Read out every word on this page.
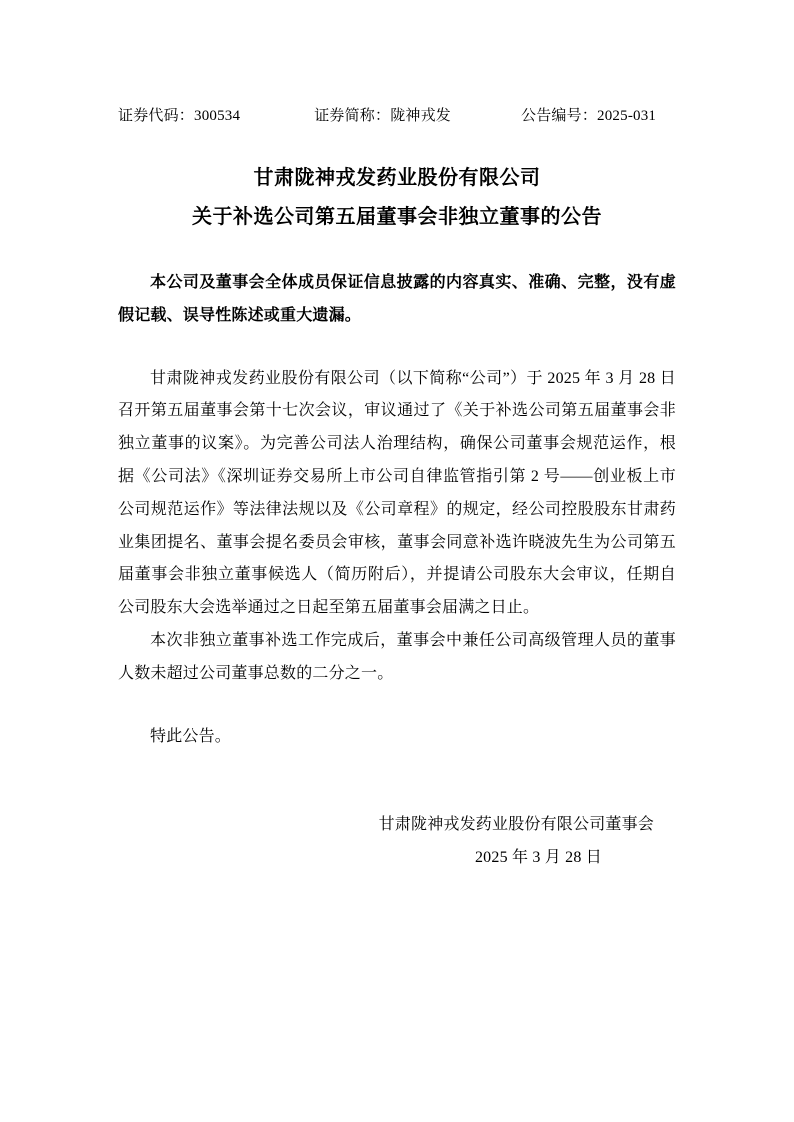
证券代码：300534	证券简称：陇神戎发	公告编号：2025-031
甘肃陇神戎发药业股份有限公司
关于补选公司第五届董事会非独立董事的公告

本公司及董事会全体成员保证信息披露的内容真实、准确、完整，没有虚假记载、误导性陈述或重大遗漏。

甘肃陇神戎发药业股份有限公司（以下简称“公司”）于 2025 年 3 月 28 日召开第五届董事会第十七次会议，审议通过了《关于补选公司第五届董事会非独立董事的议案》。为完善公司法人治理结构，确保公司董事会规范运作，根据《公司法》《深圳证券交易所上市公司自律监管指引第 2 号——创业板上市公司规范运作》等法律法规以及《公司章程》的规定，经公司控股股东甘肃药业集团提名、董事会提名委员会审核，董事会同意补选许晓波先生为公司第五届董事会非独立董事候选人（简历附后），并提请公司股东大会审议，任期自公司股东大会选举通过之日起至第五届董事会届满之日止。

本次非独立董事补选工作完成后，董事会中兼任公司高级管理人员的董事人数未超过公司董事总数的二分之一。

特此公告。

甘肃陇神戎发药业股份有限公司董事会
2025 年 3 月 28 日
